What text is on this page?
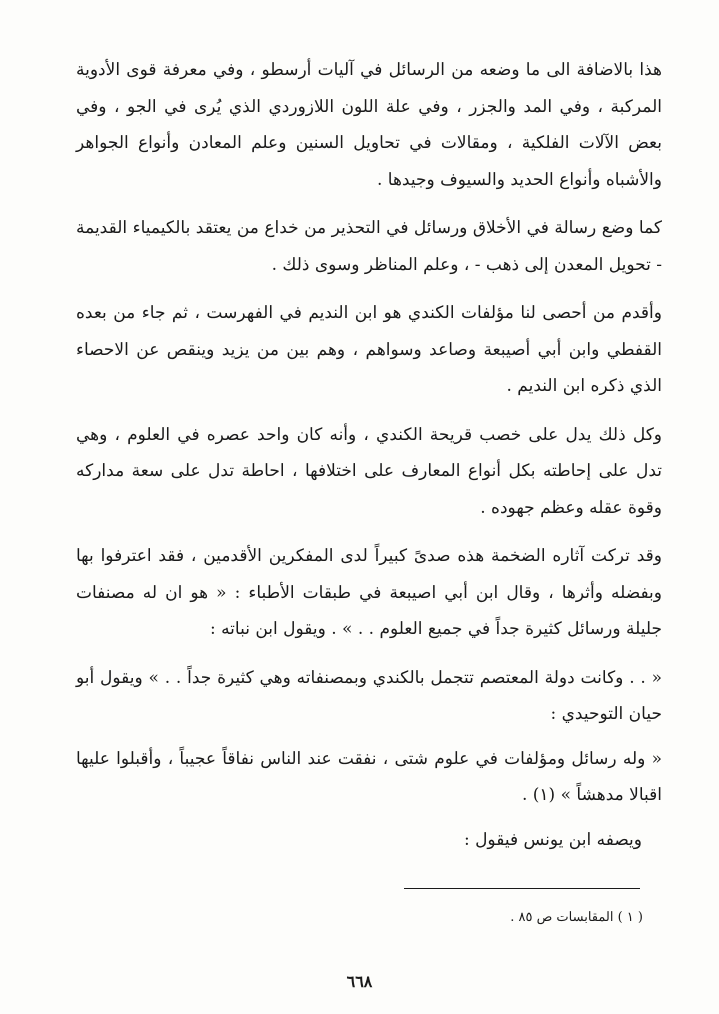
هذا بالاضافة الى ما وضعه من الرسائل في آليات أرسطو ، وفي معرفة قوى الأدوية المركبة ، وفي المد والجزر ، وفي علة اللون اللازوردي الذي يُرى في الجو ، وفي بعض الآلات الفلكية ، ومقالات في تحاويل السنين وعلم المعادن وأنواع الجواهر والأشباه وأنواع الحديد والسيوف وجيدها .

كما وضع رسالة في الأخلاق ورسائل في التحذير من خداع من يعتقد بالكيمياء القديمة - تحويل المعدن إلى ذهب - ، وعلم المناظر وسوى ذلك .

وأقدم من أحصى لنا مؤلفات الكندي هو ابن النديم في الفهرست ، ثم جاء من بعده القفطي وابن أبي أصيبعة وصاعد وسواهم ، وهم بين من يزيد وينقص عن الاحصاء الذي ذكره ابن النديم .

وكل ذلك يدل على خصب قريحة الكندي ، وأنه كان واحد عصره في العلوم ، وهي تدل على إحاطته بكل أنواع المعارف على اختلافها ، احاطة تدل على سعة مداركه وقوة عقله وعظم جهوده .

وقد تركت آثاره الضخمة هذه صدىً كبيراً لدى المفكرين الأقدمين ، فقد اعترفوا بها وبفضله وأثرها ، وقال ابن أبي اصيبعة في طبقات الأطباء : « هو ان له مصنفات جليلة ورسائل كثيرة جداً في جميع العلوم . . » . ويقول ابن نباته :

« . . وكانت دولة المعتصم تتجمل بالكندي وبمصنفاته وهي كثيرة جداً . . » ويقول أبو حيان التوحيدي :

« وله رسائل ومؤلفات في علوم شتى ، نفقت عند الناس نفاقاً عجيباً ، وأقبلوا عليها اقبالا مدهشاً » (١) .

ويصفه ابن يونس فيقول :

( ١ ) المقابسات ص ٨٥ .
٦٦٨
